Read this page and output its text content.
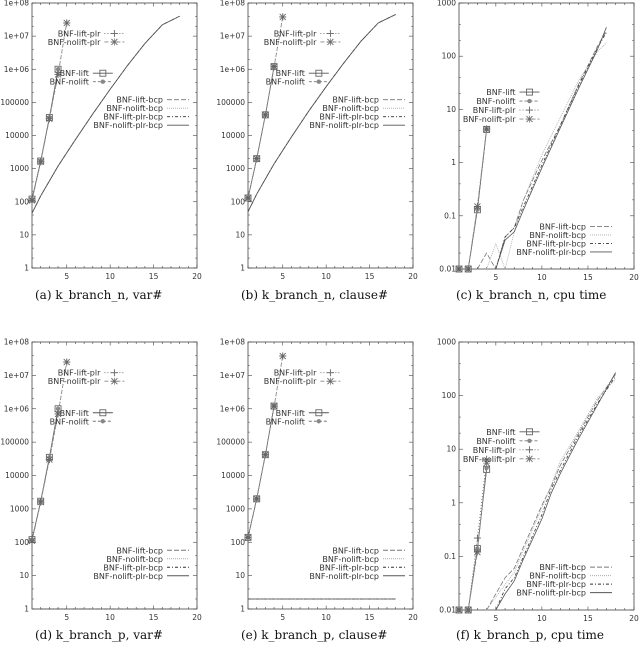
5	10	15	20
1
10
100
1000
10000
100000
1e+06
1e+07
1e+08
BNF-lift-plr
BNF-nolift-plr
BNF-lift
BNF-nolift
BNF-lift-bcp
BNF-nolift-bcp
BNF-lift-plr-bcp
BNF-nolift-plr-bcp
(a) k_branch_n, var#
5	10	15	20
1
10
100
1000
10000
100000
1e+06
1e+07
1e+08
BNF-lift-plr
BNF-nolift-plr
BNF-lift
BNF-nolift
BNF-lift-bcp
BNF-nolift-bcp
BNF-lift-plr-bcp
BNF-nolift-plr-bcp
(b) k_branch_n, clause#
5	10	15	20
0.01
0.1
1
10
100
1000
BNF-lift
BNF-nolift
BNF-lift-plr
BNF-nolift-plr
BNF-lift-bcp
BNF-nolift-bcp
BNF-lift-plr-bcp
BNF-nolift-plr-bcp
(c) k_branch_n, cpu time
5	10	15	20
1
10
100
1000
10000
100000
1e+06
1e+07
1e+08
BNF-lift-plr
BNF-nolift-plr
BNF-lift
BNF-nolift
BNF-lift-bcp
BNF-nolift-bcp
BNF-lift-plr-bcp
BNF-nolift-plr-bcp
(d) k_branch_p, var#
5	10	15	20
1
10
100
1000
10000
100000
1e+06
1e+07
1e+08
BNF-lift-plr
BNF-nolift-plr
BNF-lift
BNF-nolift
BNF-lift-bcp
BNF-nolift-bcp
BNF-lift-plr-bcp
BNF-nolift-plr-bcp
(e) k_branch_p, clause#
5	10	15	20
0.01
0.1
1
10
100
1000
BNF-lift
BNF-nolift
BNF-lift-plr
BNF-nolift-plr
BNF-lift-bcp
BNF-nolift-bcp
BNF-lift-plr-bcp
BNF-nolift-plr-bcp
(f) k_branch_p, cpu time
